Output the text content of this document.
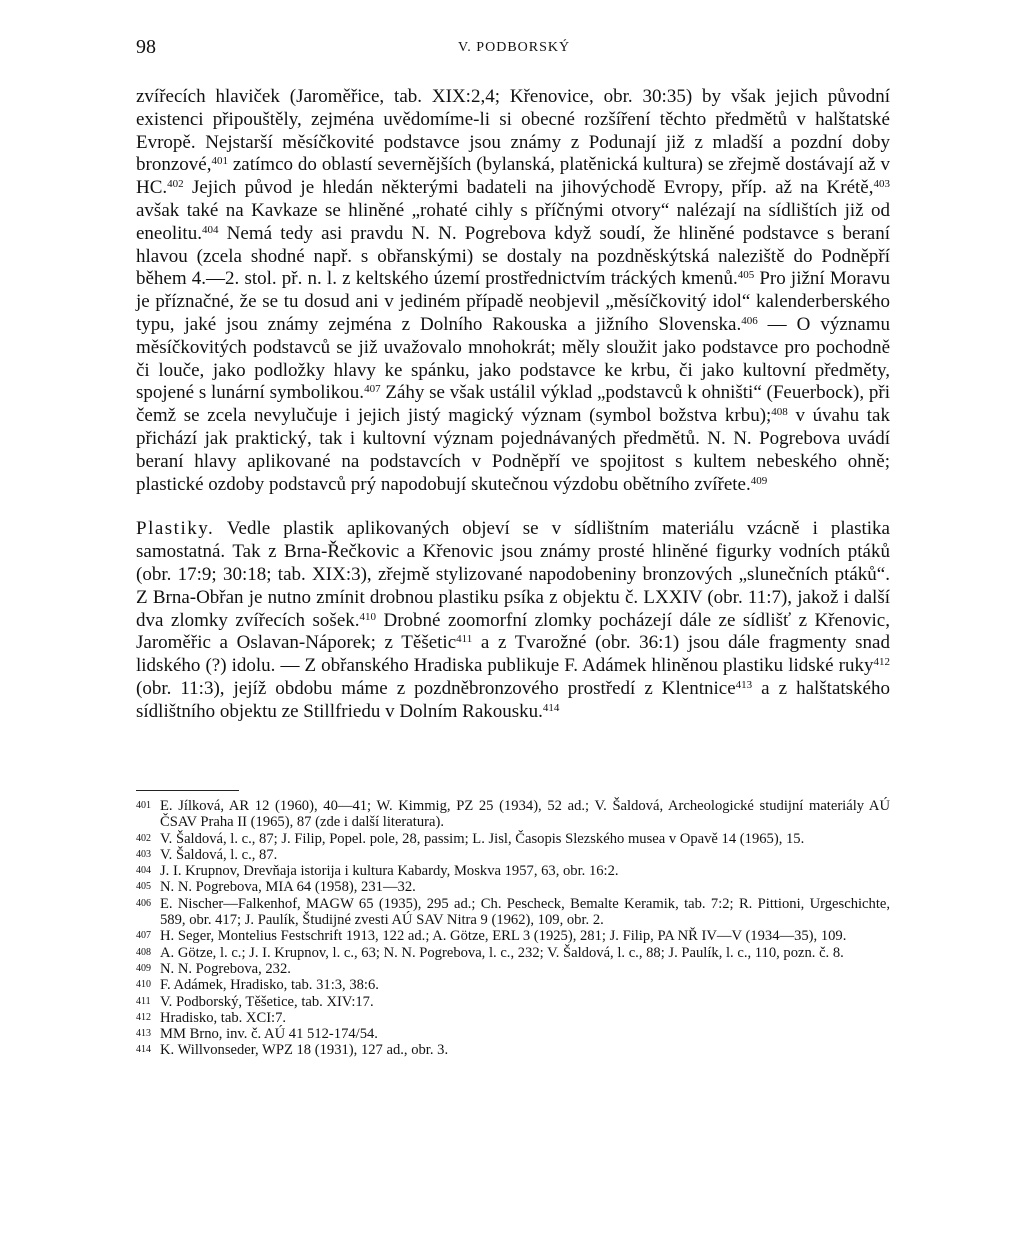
98	V. PODBORSKÝ

zvířecích hlaviček (Jaroměřice, tab. XIX:2,4; Křenovice, obr. 30:35) by však jejich původní existenci připouštěly, zejména uvědomíme-li si obecné rozšíření těchto předmětů v halštatské Evropě. Nejstarší měsíčkovité podstavce jsou známy z Podunají již z mladší a pozdní doby bronzové,$^{401}$ zatímco do oblastí severnějších (bylanská, platěnická kultura) se zřejmě dostávají až v HC.$^{402}$ Jejich původ je hledán některými badateli na jihovýchodě Evropy, příp. až na Krétě,$^{403}$ avšak také na Kavkaze se hliněné „rohaté cihly s příčnými otvory“ nalézají na sídlištích již od eneolitu.$^{404}$ Nemá tedy asi pravdu N. N. Pogrebova když soudí, že hliněné podstavce s beraní hlavou (zcela shodné např. s obřanskými) se dostaly na pozdněskýtská naleziště do Podněpří během 4.—2. stol. př. n. l. z keltského území prostřednictvím tráckých kmenů.$^{405}$ Pro jižní Moravu je příznačné, že se tu dosud ani v jediném případě neobjevil „měsíčkovitý idol“ kalenderberského typu, jaké jsou známy zejména z Dolního Rakouska a jižního Slovenska.$^{406}$ — O významu měsíčkovitých podstavců se již uvažovalo mnohokrát; měly sloužit jako podstavce pro pochodně či louče, jako podložky hlavy ke spánku, jako podstavce ke krbu, či jako kultovní předměty, spojené s lunární symbolikou.$^{407}$ Záhy se však ustálil výklad „podstavců k ohništi“ (Feuerbock), při čemž se zcela nevylučuje i jejich jistý magický význam (symbol božstva krbu);$^{408}$ v úvahu tak přichází jak praktický, tak i kultovní význam pojednávaných předmětů. N. N. Pogrebova uvádí beraní hlavy aplikované na podstavcích v Podněpří ve spojitost s kultem nebeského ohně; plastické ozdoby podstavců prý napodobují skutečnou výzdobu obětního zvířete.$^{409}$

Plastiky. Vedle plastik aplikovaných objeví se v sídlištním materiálu vzácně i plastika samostatná. Tak z Brna-Řečkovic a Křenovic jsou známy prosté hliněné figurky vodních ptáků (obr. 17:9; 30:18; tab. XIX:3), zřejmě stylizované napodobeniny bronzových „slunečních ptáků“. Z Brna-Obřan je nutno zmínit drobnou plastiku psíka z objektu č. LXXIV (obr. 11:7), jakož i další dva zlomky zvířecích sošek.$^{410}$ Drobné zoomorfní zlomky pocházejí dále ze sídlišť z Křenovic, Jaroměřic a Oslavan-Náporek; z Těšetic$^{411}$ a z Tvarožné (obr. 36:1) jsou dále fragmenty snad lidského (?) idolu. — Z obřanského Hradiska publikuje F. Adámek hliněnou plastiku lidské ruky$^{412}$ (obr. 11:3), jejíž obdobu máme z pozdněbronzového prostředí z Klentnice$^{413}$ a z halštatského sídlištního objektu ze Stillfriedu v Dolním Rakousku.$^{414}$

401 E. Jílková, AR 12 (1960), 40—41; W. Kimmig, PZ 25 (1934), 52 ad.; V. Šaldová, Archeologické studijní materiály AÚ ČSAV Praha II (1965), 87 (zde i další literatura).
402 V. Šaldová, l. c., 87; J. Filip, Popel. pole, 28, passim; L. Jisl, Časopis Slezského musea v Opavě 14 (1965), 15.
403 V. Šaldová, l. c., 87.
404 J. I. Krupnov, Drevňaja istorija i kultura Kabardy, Moskva 1957, 63, obr. 16:2.
405 N. N. Pogrebova, MIA 64 (1958), 231—32.
406 E. Nischer—Falkenhof, MAGW 65 (1935), 295 ad.; Ch. Pescheck, Bemalte Keramik, tab. 7:2; R. Pittioni, Urgeschichte, 589, obr. 417; J. Paulík, Študijné zvesti AÚ SAV Nitra 9 (1962), 109, obr. 2.
407 H. Seger, Montelius Festschrift 1913, 122 ad.; A. Götze, ERL 3 (1925), 281; J. Filip, PA NŘ IV—V (1934—35), 109.
408 A. Götze, l. c.; J. I. Krupnov, l. c., 63; N. N. Pogrebova, l. c., 232; V. Šaldová, l. c., 88; J. Paulík, l. c., 110, pozn. č. 8.
409 N. N. Pogrebova, 232.
410 F. Adámek, Hradisko, tab. 31:3, 38:6.
411 V. Podborský, Těšetice, tab. XIV:17.
412 Hradisko, tab. XCI:7.
413 MM Brno, inv. č. AÚ 41 512-174/54.
414 K. Willvonseder, WPZ 18 (1931), 127 ad., obr. 3.
